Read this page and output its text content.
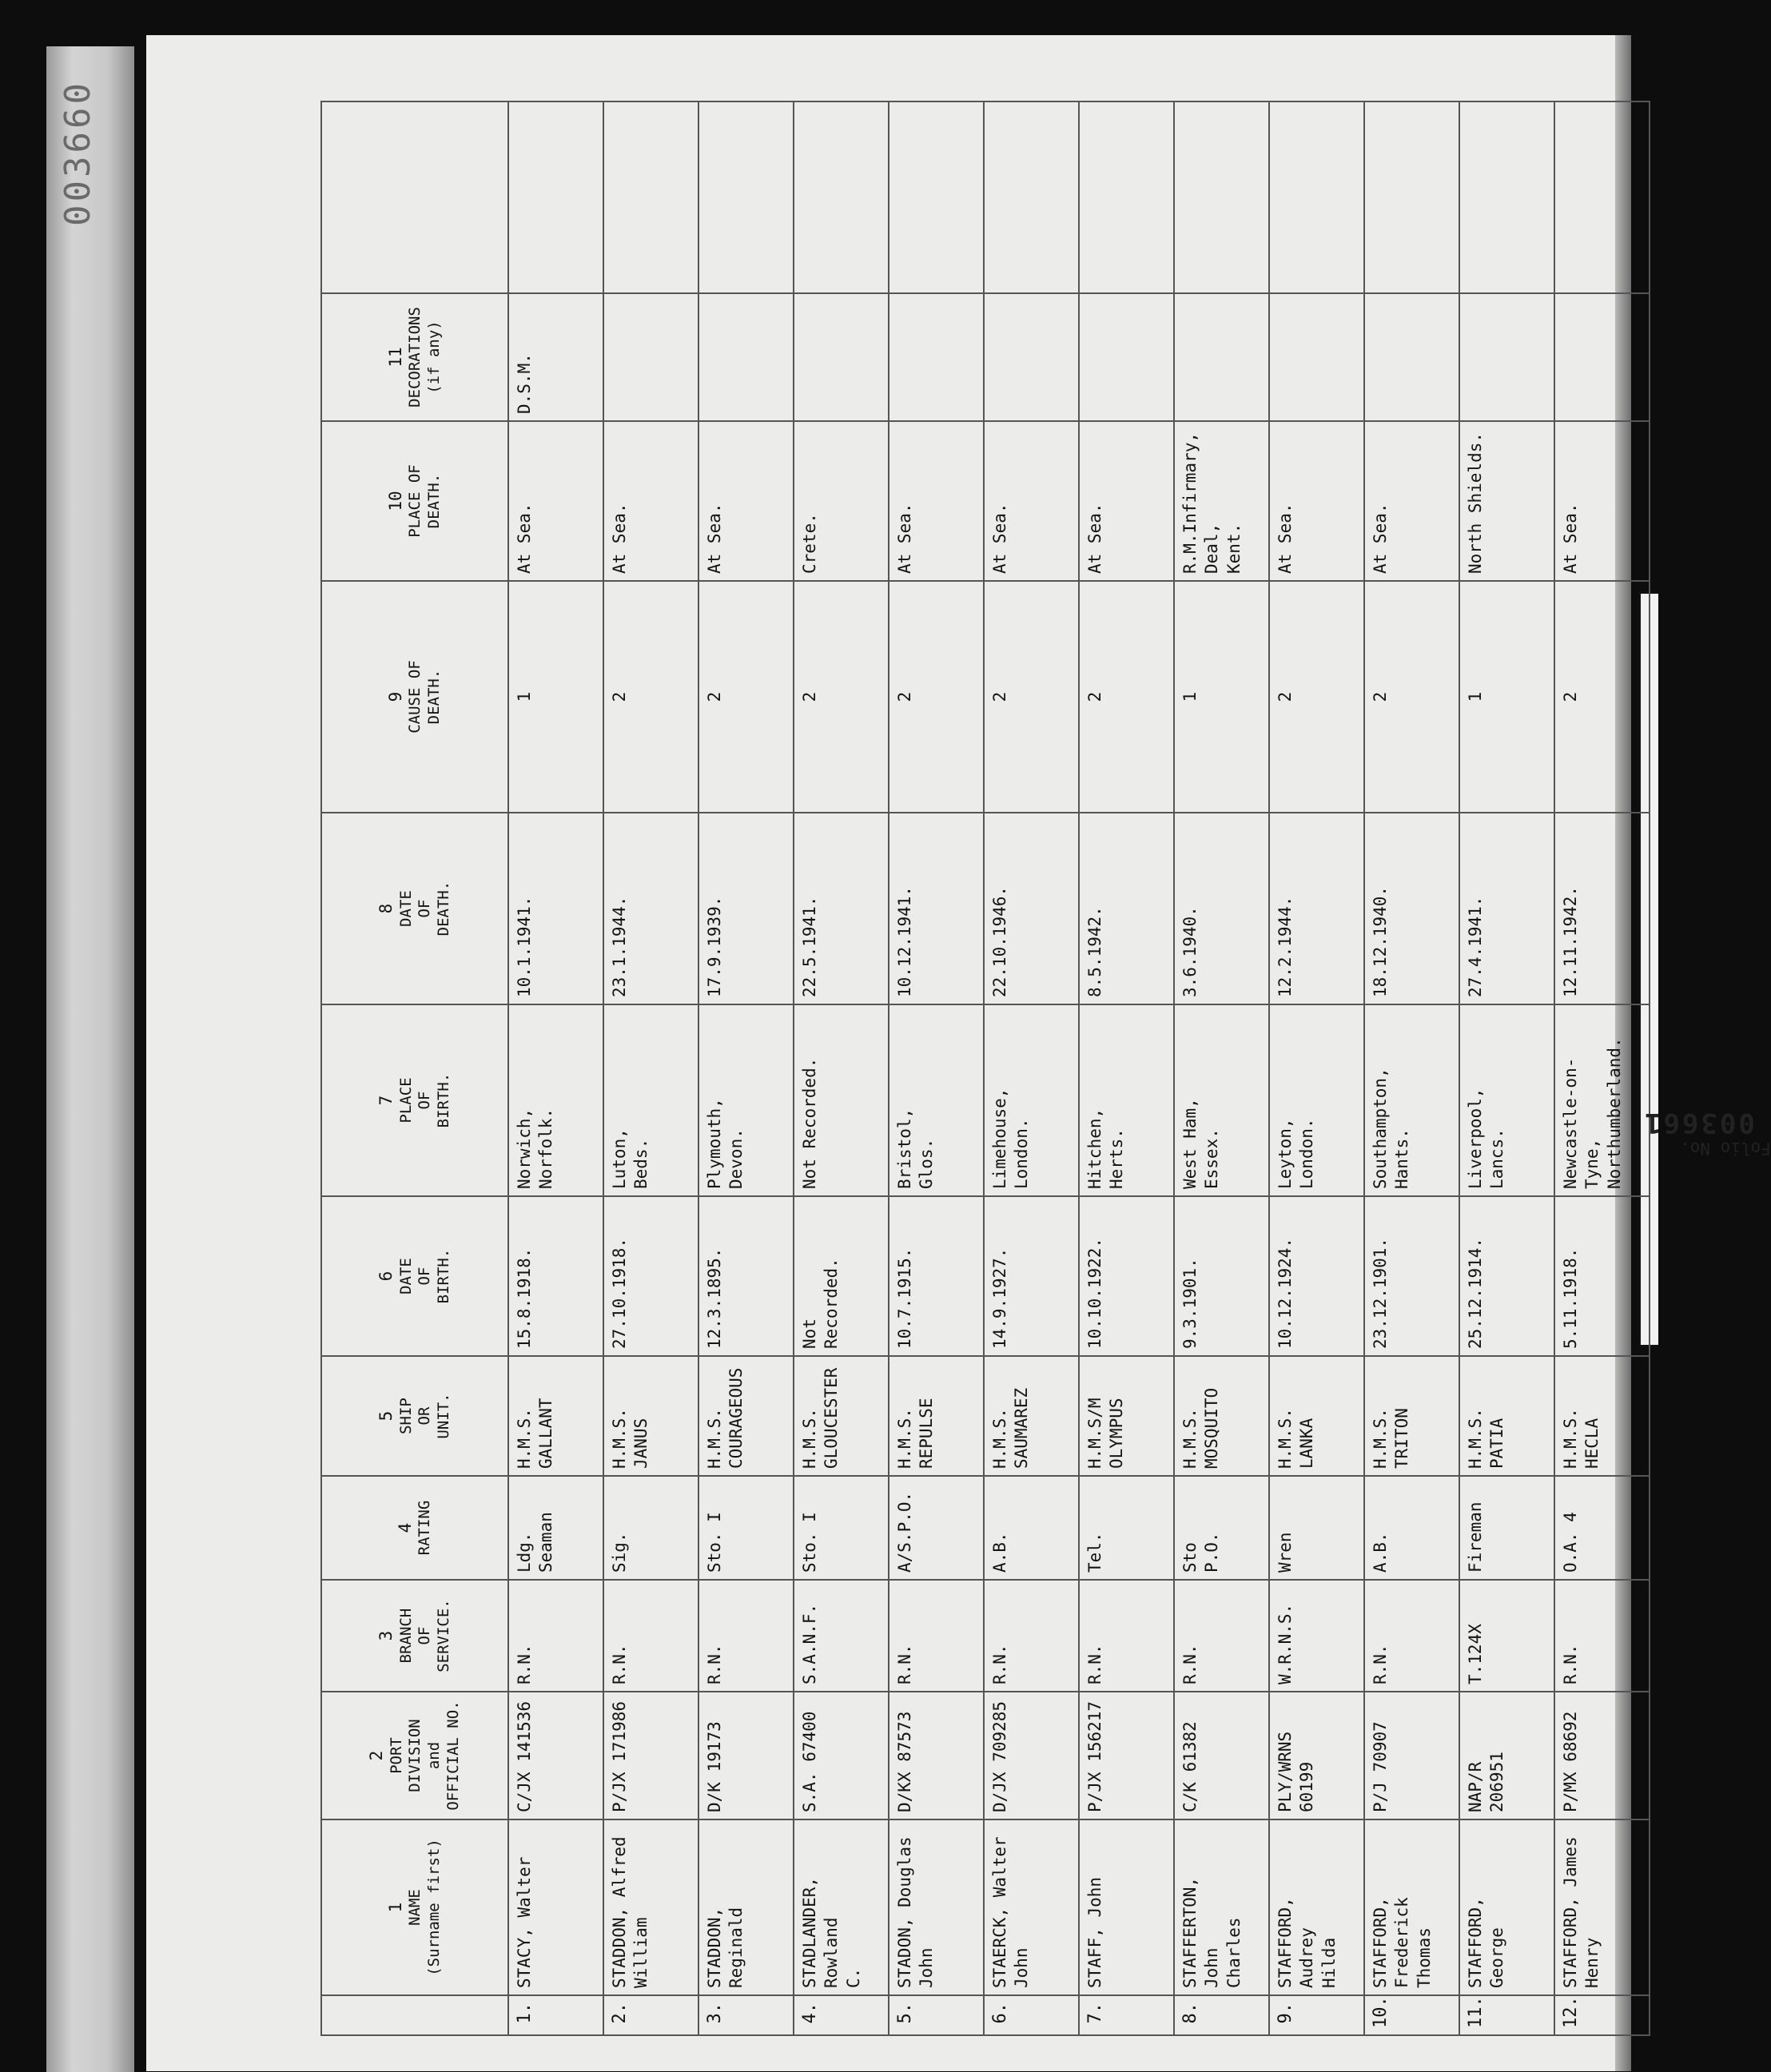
003660

	1 NAME (Surname first)	2 PORT DIVISION and OFFICIAL NO.	3 BRANCH OF SERVICE.	4 RATING	5 SHIP OR UNIT.	6 DATE OF BIRTH.	7 PLACE OF BIRTH.	8 DATE OF DEATH.	9 CAUSE OF DEATH.	10 PLACE OF DEATH.	11 DECORATIONS (if any)	

1.	STACY, Walter	C/JX 141536	R.N.	Ldg.
Seaman	H.M.S.
GALLANT	15.8.1918.	Norwich,
Norfolk.	10.1.1941.	1	At Sea.	D.S.M.	
2.	STADDON, Alfred
William	P/JX 171986	R.N.	Sig.	H.M.S.
JANUS	27.10.1918.	Luton,
Beds.	23.1.1944.	2	At Sea.		
3.	STADDON, Reginald	D/K 19173	R.N.	Sto. I	H.M.S.
COURAGEOUS	12.3.1895.	Plymouth,
Devon.	17.9.1939.	2	At Sea.		
4.	STADLANDER, Rowland
C.	S.A. 67400	S.A.N.F.	Sto. I	H.M.S.
GLOUCESTER	Not
Recorded.	Not Recorded.	22.5.1941.	2	Crete.		
5.	STADON, Douglas
John	D/KX 87573	R.N.	A/S.P.O.	H.M.S.
REPULSE	10.7.1915.	Bristol,
Glos.	10.12.1941.	2	At Sea.		
6.	STAERCK, Walter John	D/JX 709285	R.N.	A.B.	H.M.S.
SAUMAREZ	14.9.1927.	Limehouse,
London.	22.10.1946.	2	At Sea.		
7.	STAFF, John	P/JX 156217	R.N.	Tel.	H.M.S/M
OLYMPUS	10.10.1922.	Hitchen,
Herts.	8.5.1942.	2	At Sea.		
8.	STAFFERTON, John
Charles	C/K 61382	R.N.	Sto
P.O.	H.M.S.
MOSQUITO	9.3.1901.	West Ham,
Essex.	3.6.1940.	1	R.M.Infirmary,
Deal,
Kent.		
9.	STAFFORD, Audrey
Hilda	PLY/WRNS
60199	W.R.N.S.	Wren	H.M.S.
LANKA	10.12.1924.	Leyton,
London.	12.2.1944.	2	At Sea.		
10.	STAFFORD, Frederick
Thomas	P/J 70907	R.N.	A.B.	H.M.S.
TRITON	23.12.1901.	Southampton,
Hants.	18.12.1940.	2	At Sea.		
11.	STAFFORD, George	NAP/R
206951	T.124X	Fireman	H.M.S.
PATIA	25.12.1914.	Liverpool,
Lancs.	27.4.1941.	1	North Shields.		
12.	STAFFORD, James Henry	P/MX 68692	R.N.	O.A. 4	H.M.S.
HECLA	5.11.1918.	Newcastle-on-
Tyne,
Northumberland.	12.11.1942.	2	At Sea.		
Folio No. 003661
